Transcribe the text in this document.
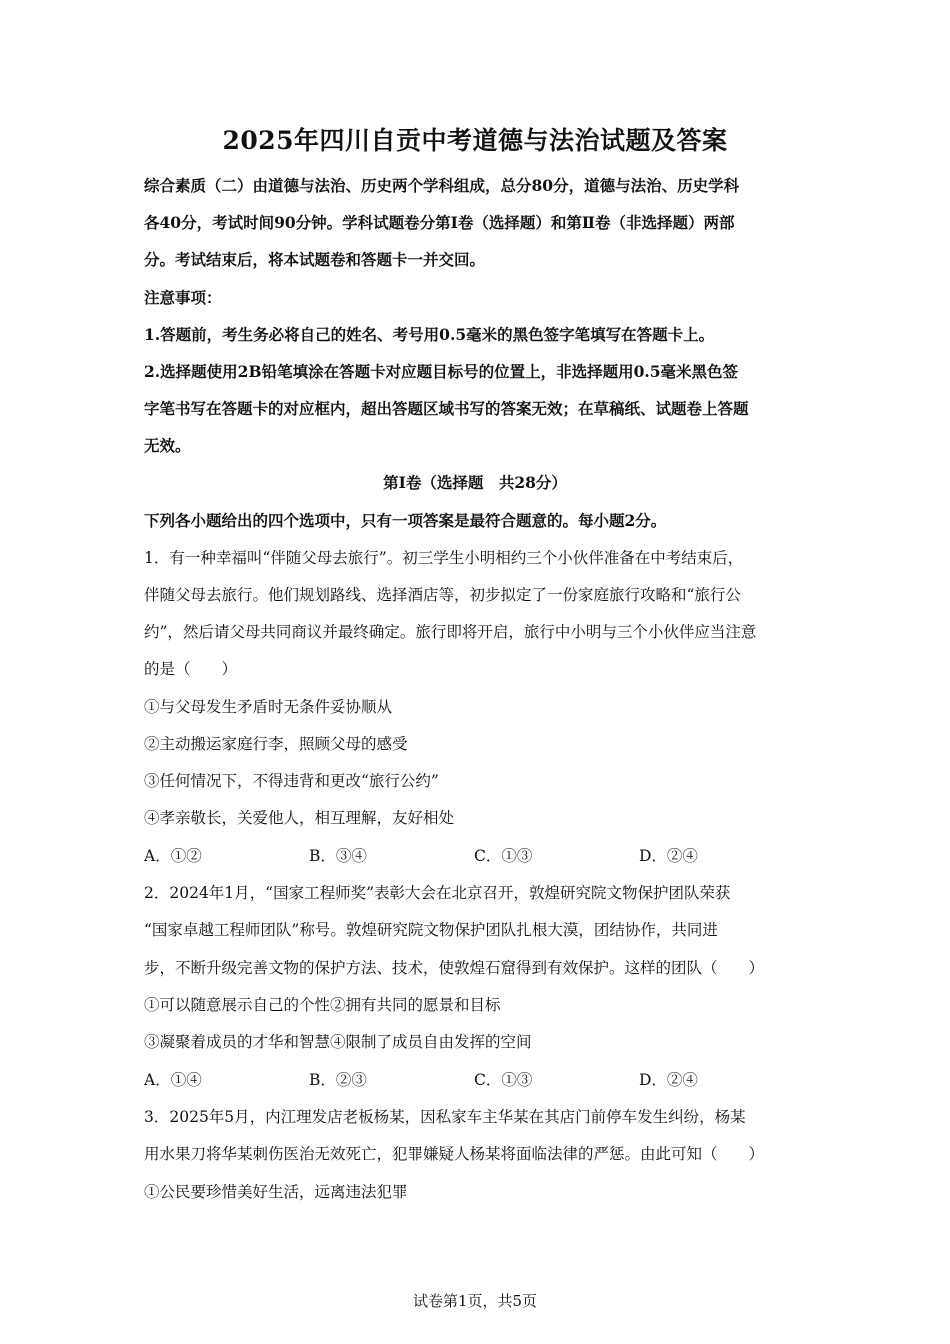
2025年四川自贡中考道德与法治试题及答案
综合素质（二）由道德与法治、历史两个学科组成，总分80分，道德与法治、历史学科
各40分，考试时间90分钟。学科试题卷分第Ⅰ卷（选择题）和第Ⅱ卷（非选择题）两部
分。考试结束后，将本试题卷和答题卡一并交回。
注意事项：
1.答题前，考生务必将自己的姓名、考号用0.5毫米的黑色签字笔填写在答题卡上。
2.选择题使用2B铅笔填涂在答题卡对应题目标号的位置上，非选择题用0.5毫米黑色签
字笔书写在答题卡的对应框内，超出答题区域书写的答案无效；在草稿纸、试题卷上答题
无效。
第Ⅰ卷（选择题　共28分）
下列各小题给出的四个选项中，只有一项答案是最符合题意的。每小题2分。
1．有一种幸福叫“伴随父母去旅行”。初三学生小明相约三个小伙伴准备在中考结束后，
伴随父母去旅行。他们规划路线、选择酒店等，初步拟定了一份家庭旅行攻略和“旅行公
约”，然后请父母共同商议并最终确定。旅行即将开启，旅行中小明与三个小伙伴应当注意
的是（　　）
①与父母发生矛盾时无条件妥协顺从
②主动搬运家庭行李，照顾父母的感受
③任何情况下，不得违背和更改“旅行公约”
④孝亲敬长，关爱他人，相互理解，友好相处
A．①②	B．③④	C．①③	D．②④
2．2024年1月，“国家工程师奖”表彰大会在北京召开，敦煌研究院文物保护团队荣获
“国家卓越工程师团队”称号。敦煌研究院文物保护团队扎根大漠，团结协作，共同进
步，不断升级完善文物的保护方法、技术，使敦煌石窟得到有效保护。这样的团队（　　）
①可以随意展示自己的个性②拥有共同的愿景和目标
③凝聚着成员的才华和智慧④限制了成员自由发挥的空间
A．①④	B．②③	C．①③	D．②④
3．2025年5月，内江理发店老板杨某，因私家车主华某在其店门前停车发生纠纷，杨某
用水果刀将华某刺伤医治无效死亡，犯罪嫌疑人杨某将面临法律的严惩。由此可知（　　）
①公民要珍惜美好生活，远离违法犯罪
试卷第1页，共5页
